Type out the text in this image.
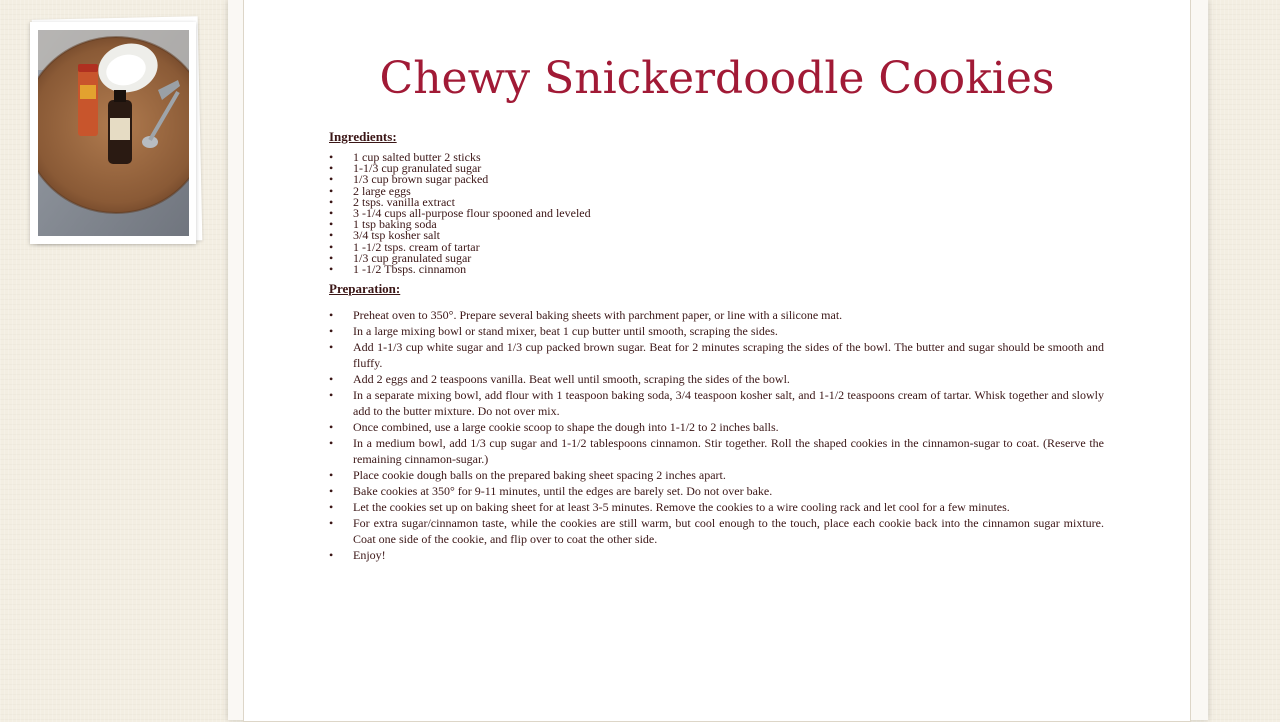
Chewy Snickerdoodle Cookies
Ingredients:
• 1 cup salted butter 2 sticks
• 1-1/3 cup granulated sugar
• 1/3 cup brown sugar packed
• 2 large eggs
• 2 tsps. vanilla extract
• 3 -1/4 cups all-purpose flour spooned and leveled
• 1 tsp baking soda
• 3/4 tsp kosher salt
• 1 -1/2 tsps. cream of tartar
• 1/3 cup granulated sugar
• 1 -1/2 Tbsps. cinnamon
Preparation:
• Preheat oven to 350°. Prepare several baking sheets with parchment paper, or line with a silicone mat.
• In a large mixing bowl or stand mixer, beat 1 cup butter until smooth, scraping the sides.
• Add 1-1/3 cup white sugar and 1/3 cup packed brown sugar. Beat for 2 minutes scraping the sides of the bowl. The butter and sugar should be smooth and fluffy.
• Add 2 eggs and 2 teaspoons vanilla. Beat well until smooth, scraping the sides of the bowl.
• In a separate mixing bowl, add flour with 1 teaspoon baking soda, 3/4 teaspoon kosher salt, and 1-1/2 teaspoons cream of tartar. Whisk together and slowly add to the butter mixture. Do not over mix.
• Once combined, use a large cookie scoop to shape the dough into 1-1/2 to 2 inches balls.
• In a medium bowl, add 1/3 cup sugar and 1-1/2 tablespoons cinnamon. Stir together. Roll the shaped cookies in the cinnamon-sugar to coat. (Reserve the remaining cinnamon-sugar.)
• Place cookie dough balls on the prepared baking sheet spacing 2 inches apart.
• Bake cookies at 350° for 9-11 minutes, until the edges are barely set. Do not over bake.
• Let the cookies set up on baking sheet for at least 3-5 minutes. Remove the cookies to a wire cooling rack and let cool for a few minutes.
• For extra sugar/cinnamon taste, while the cookies are still warm, but cool enough to the touch, place each cookie back into the cinnamon sugar mixture. Coat one side of the cookie, and flip over to coat the other side.
• Enjoy!
